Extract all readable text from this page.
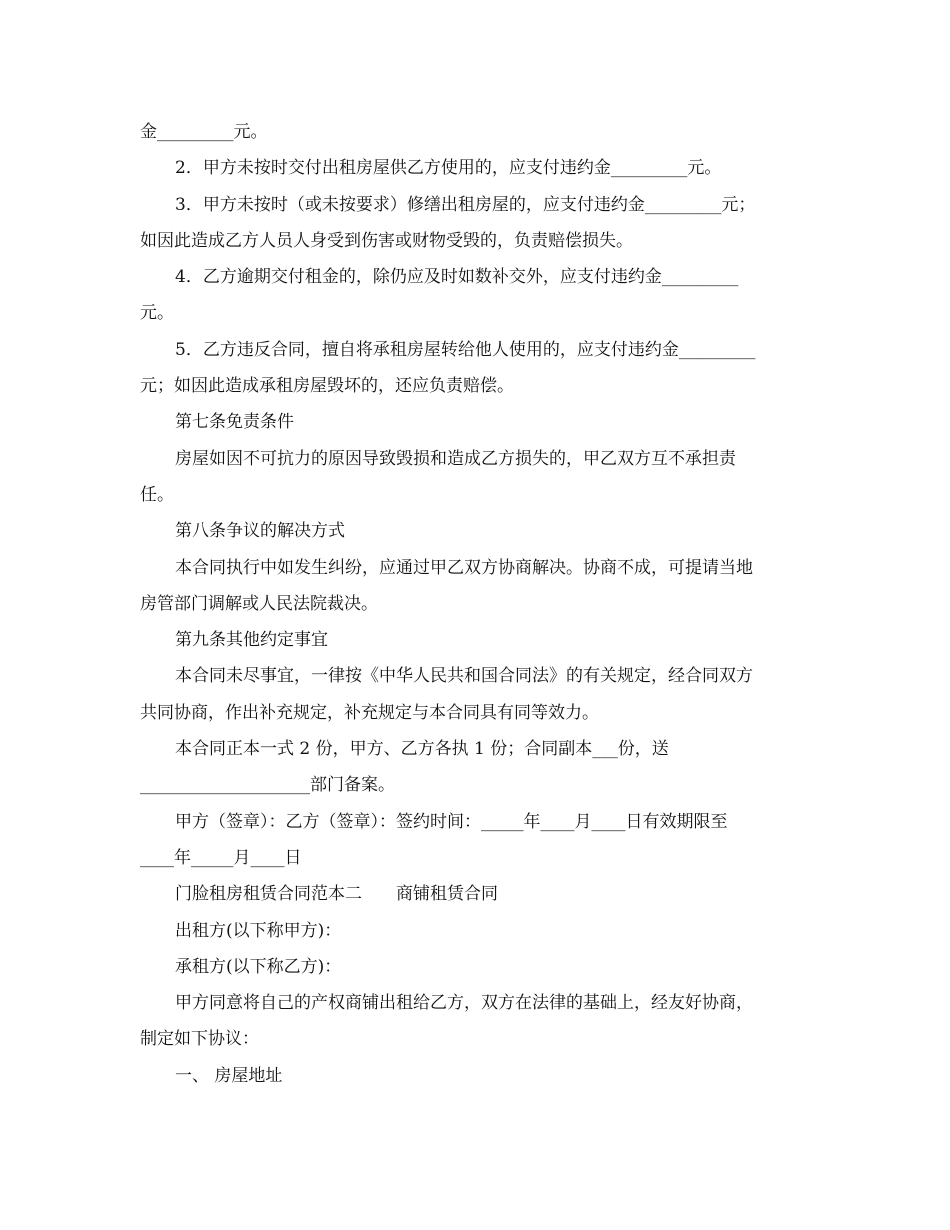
金_________元。
2．甲方未按时交付出租房屋供乙方使用的，应支付违约金_________元。
3．甲方未按时（或未按要求）修缮出租房屋的，应支付违约金_________元；
如因此造成乙方人员人身受到伤害或财物受毁的，负责赔偿损失。
4．乙方逾期交付租金的，除仍应及时如数补交外，应支付违约金_________
元。
5．乙方违反合同，擅自将承租房屋转给他人使用的，应支付违约金_________
元；如因此造成承租房屋毁坏的，还应负责赔偿。
第七条免责条件
房屋如因不可抗力的原因导致毁损和造成乙方损失的，甲乙双方互不承担责
任。
第八条争议的解决方式
本合同执行中如发生纠纷，应通过甲乙双方协商解决。协商不成，可提请当地
房管部门调解或人民法院裁决。
第九条其他约定事宜
本合同未尽事宜，一律按《中华人民共和国合同法》的有关规定，经合同双方
共同协商，作出补充规定，补充规定与本合同具有同等效力。
本合同正本一式 2 份，甲方、乙方各执 1 份；合同副本___份，送
____________________部门备案。
甲方（签章）：乙方（签章）：签约时间：_____年____月____日有效期限至
____年_____月____日
门脸租房租赁合同范本二　　商铺租赁合同
出租方(以下称甲方)：
承租方(以下称乙方)：
甲方同意将自己的产权商铺出租给乙方，双方在法律的基础上，经友好协商，
制定如下协议：
一、 房屋地址
